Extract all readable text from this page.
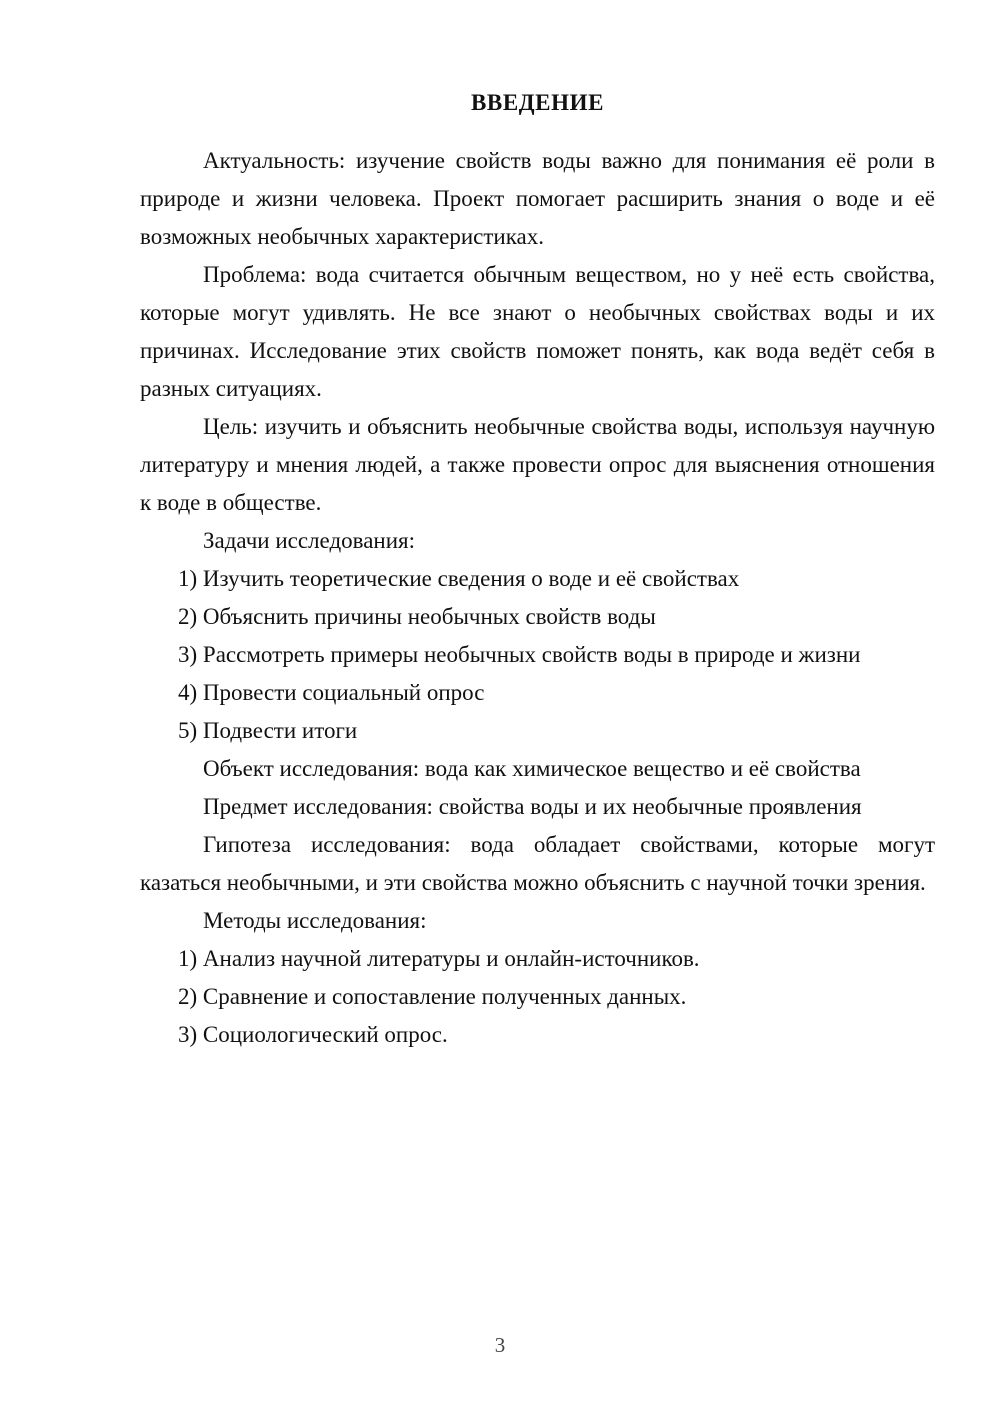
ВВЕДЕНИЕ

Актуальность: изучение свойств воды важно для понимания её роли в природе и жизни человека. Проект помогает расширить знания о воде и её возможных необычных характеристиках.

Проблема: вода считается обычным веществом, но у неё есть свойства, которые могут удивлять. Не все знают о необычных свойствах воды и их причинах. Исследование этих свойств поможет понять, как вода ведёт себя в разных ситуациях.

Цель: изучить и объяснить необычные свойства воды, используя научную литературу и мнения людей, а также провести опрос для выяснения отношения к воде в обществе.

Задачи исследования:

1) Изучить теоретические сведения о воде и её свойствах
2) Объяснить причины необычных свойств воды
3) Рассмотреть примеры необычных свойств воды в природе и жизни
4) Провести социальный опрос
5) Подвести итоги

Объект исследования: вода как химическое вещество и её свойства

Предмет исследования: свойства воды и их необычные проявления

Гипотеза исследования: вода обладает свойствами, которые могут казаться необычными, и эти свойства можно объяснить с научной точки зрения.

Методы исследования:

1) Анализ научной литературы и онлайн-источников.
2) Сравнение и сопоставление полученных данных.
3) Социологический опрос.
3
